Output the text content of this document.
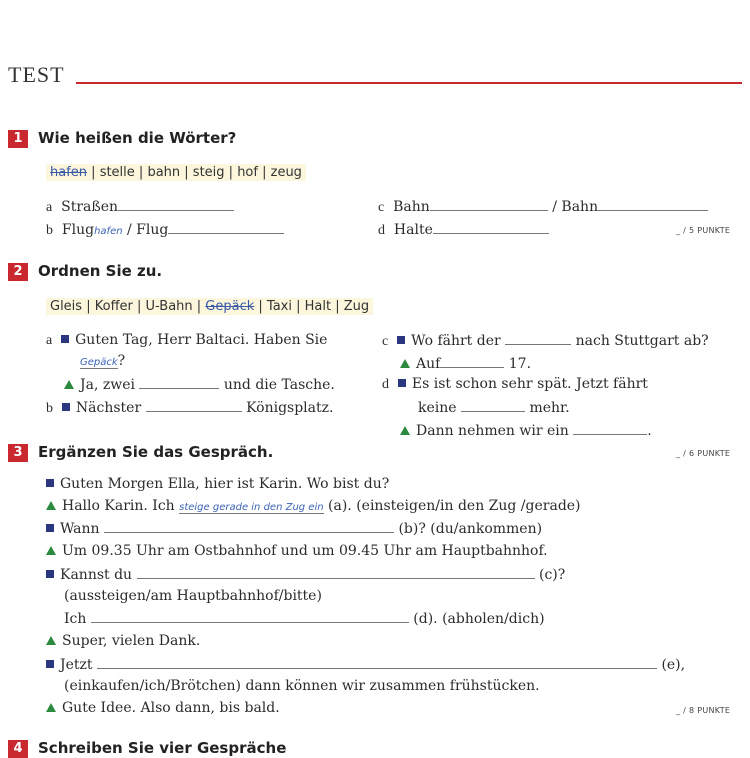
TEST
1	Wie heißen die Wörter?
hafen | stelle | bahn | steig | hof | zeug
a Straßen
b Flughafen / Flug
c Bahn	/ Bahn
d Halte	_ / 5 PUNKTE
2	Ordnen Sie zu.
Gleis | Koffer | U-Bahn | Gepäck | Taxi | Halt | Zug
a Guten Tag, Herr Baltaci. Haben Sie
Gepäck?
Ja, zwei	und die Tasche.
b Nächster	Königsplatz.
c Wo fährt der	nach Stuttgart ab?
Auf	17.
d Es ist schon sehr spät. Jetzt fährt
keine	mehr.
Dann nehmen wir ein	.
3	Ergänzen Sie das Gespräch.	_ / 6 PUNKTE
Guten Morgen Ella, hier ist Karin. Wo bist du?
Hallo Karin. Ich steige gerade in den Zug ein (a). (einsteigen/in den Zug /gerade)
Wann	(b)? (du/ankommen)
Um 09.35 Uhr am Ostbahnhof und um 09.45 Uhr am Hauptbahnhof.
Kannst du	(c)?
(aussteigen/am Hauptbahnhof/bitte)
Ich	(d). (abholen/dich)
Super, vielen Dank.
Jetzt	(e),
(einkaufen/ich/Brötchen) dann können wir zusammen frühstücken.
Gute Idee. Also dann, bis bald.	_ / 8 PUNKTE
4	Schreiben Sie vier Gespräche
